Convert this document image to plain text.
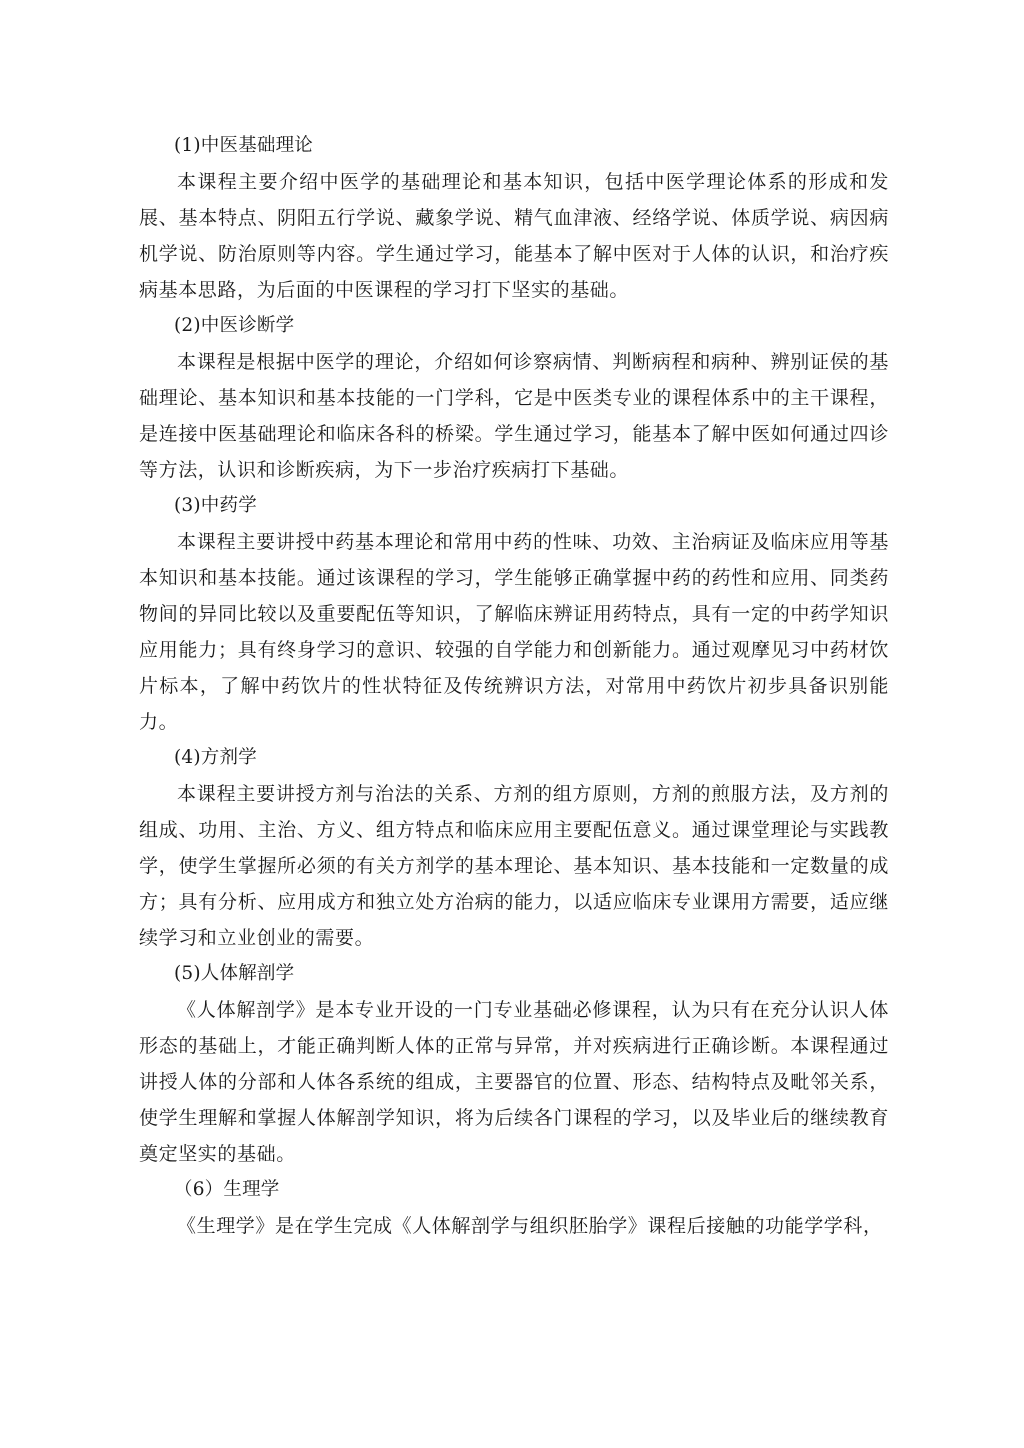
(1)中医基础理论

本课程主要介绍中医学的基础理论和基本知识，包括中医学理论体系的形成和发展、基本特点、阴阳五行学说、藏象学说、精气血津液、经络学说、体质学说、病因病机学说、防治原则等内容。学生通过学习，能基本了解中医对于人体的认识，和治疗疾病基本思路，为后面的中医课程的学习打下坚实的基础。

(2)中医诊断学

本课程是根据中医学的理论，介绍如何诊察病情、判断病程和病种、辨别证侯的基础理论、基本知识和基本技能的一门学科，它是中医类专业的课程体系中的主干课程，是连接中医基础理论和临床各科的桥梁。学生通过学习，能基本了解中医如何通过四诊等方法，认识和诊断疾病，为下一步治疗疾病打下基础。

(3)中药学

本课程主要讲授中药基本理论和常用中药的性味、功效、主治病证及临床应用等基本知识和基本技能。通过该课程的学习，学生能够正确掌握中药的药性和应用、同类药物间的异同比较以及重要配伍等知识，了解临床辨证用药特点，具有一定的中药学知识应用能力；具有终身学习的意识、较强的自学能力和创新能力。通过观摩见习中药材饮片标本，了解中药饮片的性状特征及传统辨识方法，对常用中药饮片初步具备识别能力。

(4)方剂学

本课程主要讲授方剂与治法的关系、方剂的组方原则，方剂的煎服方法，及方剂的组成、功用、主治、方义、组方特点和临床应用主要配伍意义。通过课堂理论与实践教学，使学生掌握所必须的有关方剂学的基本理论、基本知识、基本技能和一定数量的成方；具有分析、应用成方和独立处方治病的能力，以适应临床专业课用方需要，适应继续学习和立业创业的需要。

(5)人体解剖学

《人体解剖学》是本专业开设的一门专业基础必修课程，认为只有在充分认识人体形态的基础上，才能正确判断人体的正常与异常，并对疾病进行正确诊断。本课程通过讲授人体的分部和人体各系统的组成，主要器官的位置、形态、结构特点及毗邻关系，使学生理解和掌握人体解剖学知识，将为后续各门课程的学习，以及毕业后的继续教育奠定坚实的基础。

（6）生理学

《生理学》是在学生完成《人体解剖学与组织胚胎学》课程后接触的功能学学科，
